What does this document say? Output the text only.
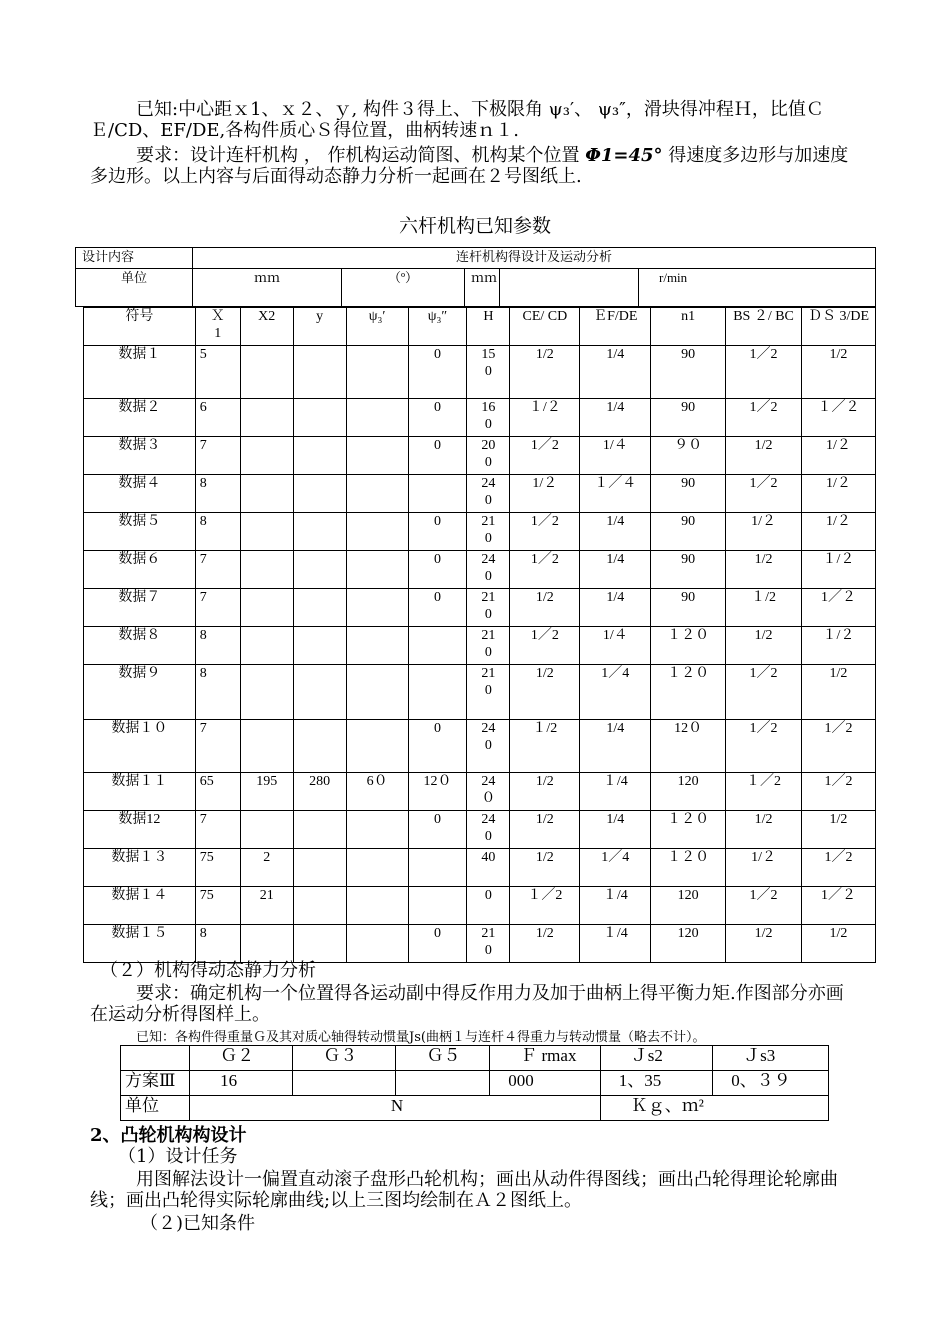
已知:中心距ｘ1、ｘ２、ｙ, 构件３得上、下极限角 ψ₃′、 ψ₃″，滑块得冲程Ｈ，比值ＣＥ/CD、EF/DE,各构件质心Ｓ得位置，曲柄转速ｎ１.
要求：设计连杆机构 ， 作机构运动简图、机构某个位置 Φ1=45° 得速度多边形与加速度多边形。以上内容与后面得动态静力分析一起画在２号图纸上.
六杆机构已知参数
设计内容	连杆机构得设计及运动分析				
单位	ｍｍ	（º）	ｍｍ		r/min
符号	Ｘ1	X2	y	ψ₃′	ψ₃″	H	CE/ CD	ＥF/DE	n1	BS ２/ BC	ＤＳ 3/DE
数据１	5				0	150	1/2	1/4	90	1／2	1/2
数据２	6				0	160	１/２	1/4	90	1／2	１／２
数据３	7				0	200	1／2	1/４	９０	1/2	1/２
数据４	8					240	1/２	１／４	90	1／2	1/２
数据５	8				0	210	1／2	1/4	90	1/２	1/２
数据６	7				0	240	1／2	1/4	90	1/2	１/２
数据７	7				0	210	1/2	1/4	90	１/2	1／２
数据８	8					210	1／2	1/４	１２０	1/2	１/２
数据９	8					210	1/2	1／4	１２０	1／2	1/2
数据１０	7				0	240	１/2	1/4	12０	1／2	1／2
数据１１	65	195	280	6０	12０	24０	1/2	１/4	120	１／2	1／2
数据12	7				0	240	1/2	1/4	１２０	1/2	1/2
数据１３	75	2				40	1/2	1／4	１２０	1/２	1／2
数据１４	75	21				0	１／2	１/4	120	1／2	1／２
数据１５	8				0	210	1/2	１/4	120	1/2	1/2
（２）机构得动态静力分析
要求：确定机构一个位置得各运动副中得反作用力及加于曲柄上得平衡力矩.作图部分亦画在运动分析得图样上。
已知：各构件得重量Ｇ及其对质心轴得转动惯量Js(曲柄１与连杆４得重力与转动惯量（略去不计）。
	Ｇ２	Ｇ３	Ｇ５	Ｆ rmax	Ｊs2	Ｊs3
方案Ⅲ	16			000	1、35	0、３９
单位	N				Ｋｇ、ｍ²	
2、凸轮机构构设计
（1）设计任务
用图解法设计一偏置直动滚子盘形凸轮机构；画出从动件得图线；画出凸轮得理论轮廓曲线；画出凸轮得实际轮廓曲线;以上三图均绘制在Ａ２图纸上。
（２)已知条件
